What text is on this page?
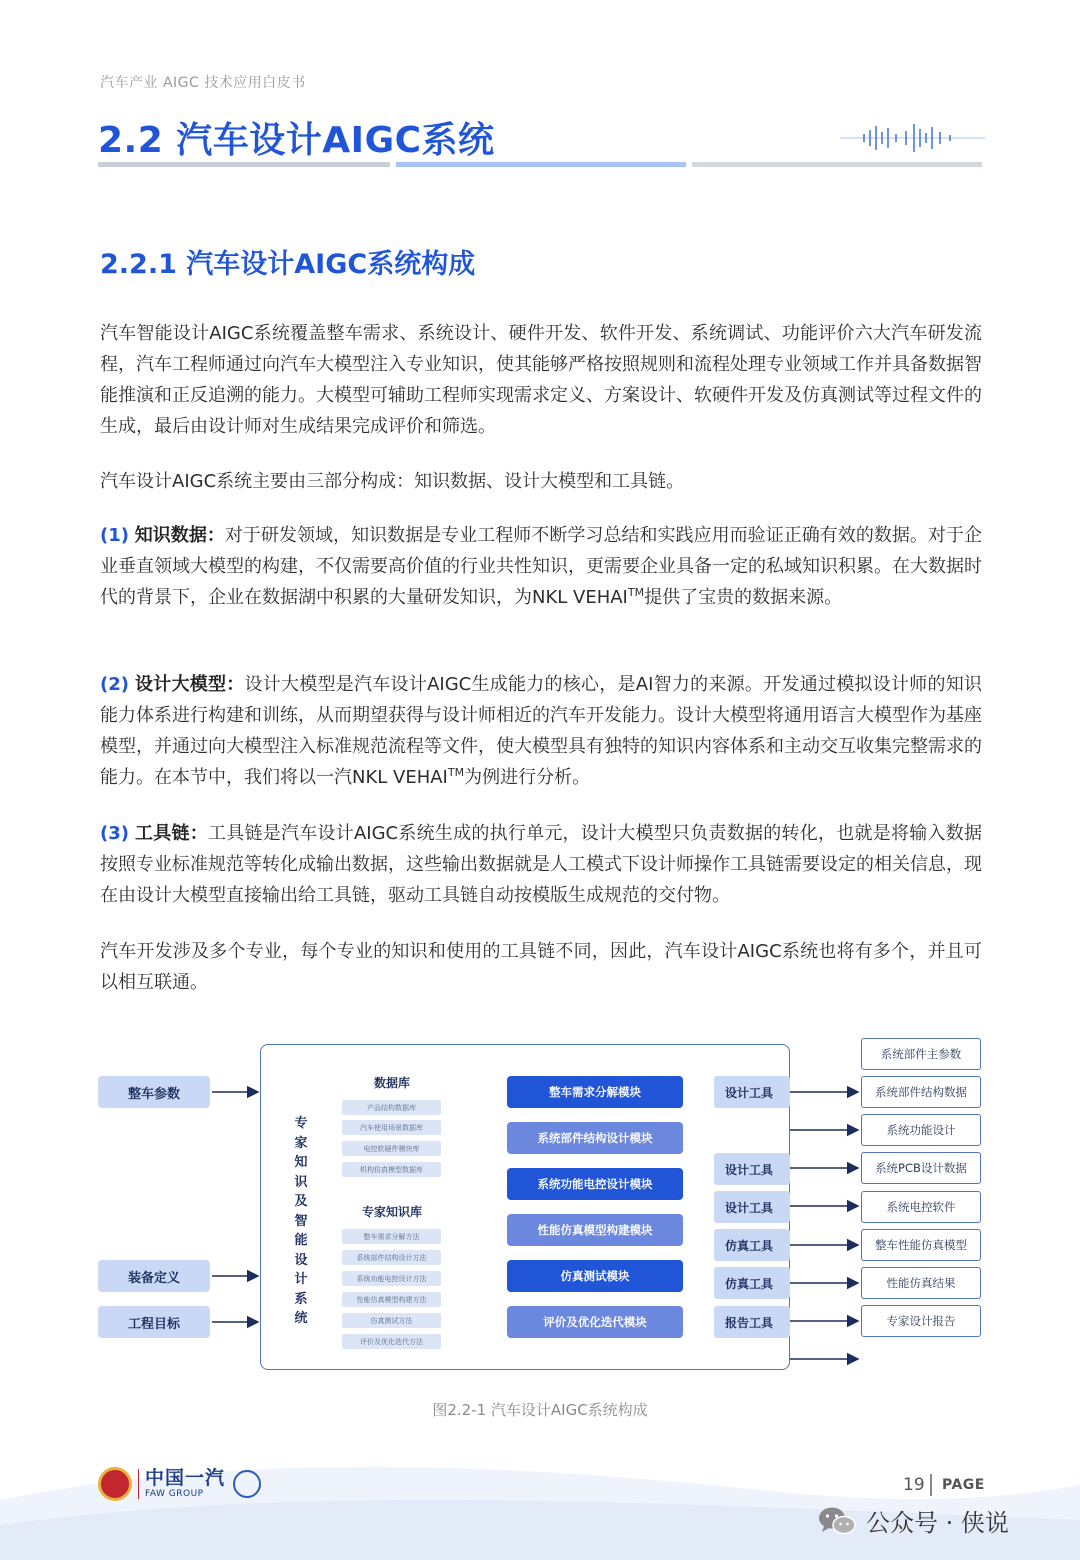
汽车产业 AIGC 技术应用白皮书
2.2 汽车设计AIGC系统
2.2.1 汽车设计AIGC系统构成

汽车智能设计AIGC系统覆盖整车需求、系统设计、硬件开发、软件开发、系统调试、功能评价六大汽车研发流程，汽车工程师通过向汽车大模型注入专业知识，使其能够严格按照规则和流程处理专业领域工作并具备数据智能推演和正反追溯的能力。大模型可辅助工程师实现需求定义、方案设计、软硬件开发及仿真测试等过程文件的生成，最后由设计师对生成结果完成评价和筛选。

汽车设计AIGC系统主要由三部分构成：知识数据、设计大模型和工具链。

(1) 知识数据：对于研发领域，知识数据是专业工程师不断学习总结和实践应用而验证正确有效的数据。对于企业垂直领域大模型的构建，不仅需要高价值的行业共性知识，更需要企业具备一定的私域知识积累。在大数据时代的背景下，企业在数据湖中积累的大量研发知识，为NKL VEHAI™提供了宝贵的数据来源。

(2) 设计大模型：设计大模型是汽车设计AIGC生成能力的核心，是AI智力的来源。开发通过模拟设计师的知识能力体系进行构建和训练，从而期望获得与设计师相近的汽车开发能力。设计大模型将通用语言大模型作为基座模型，并通过向大模型注入标准规范流程等文件，使大模型具有独特的知识内容体系和主动交互收集完整需求的能力。在本节中，我们将以一汽NKL VEHAI™为例进行分析。

(3) 工具链：工具链是汽车设计AIGC系统生成的执行单元，设计大模型只负责数据的转化，也就是将输入数据按照专业标准规范等转化成输出数据，这些输出数据就是人工模式下设计师操作工具链需要设定的相关信息，现在由设计大模型直接输出给工具链，驱动工具链自动按模版生成规范的交付物。

汽车开发涉及多个专业，每个专业的知识和使用的工具链不同，因此，汽车设计AIGC系统也将有多个，并且可以相互联通。

整车参数
装备定义
工程目标
专家知识及智能设计系统
数据库
产品结构数据库
汽车使用场景数据库
电控软硬件模块库
机构仿真模型数据库
专家知识库
整车需求分解方法
系统部件结构设计方法
系统功能电控设计方法
性能仿真模型构建方法
仿真测试方法
评价及优化迭代方法
整车需求分解模块
系统部件结构设计模块
系统功能电控设计模块
性能仿真模型构建模块
仿真测试模块
评价及优化迭代模块
设计工具
设计工具
设计工具
仿真工具
仿真工具
报告工具
系统部件主参数
系统部件结构数据
系统功能设计
系统PCB设计数据
系统电控软件
整车性能仿真模型
性能仿真结果
专家设计报告
图2.2-1 汽车设计AIGC系统构成
中国一汽
FAW GROUP	19 PAGE
公众号 · 侠说
